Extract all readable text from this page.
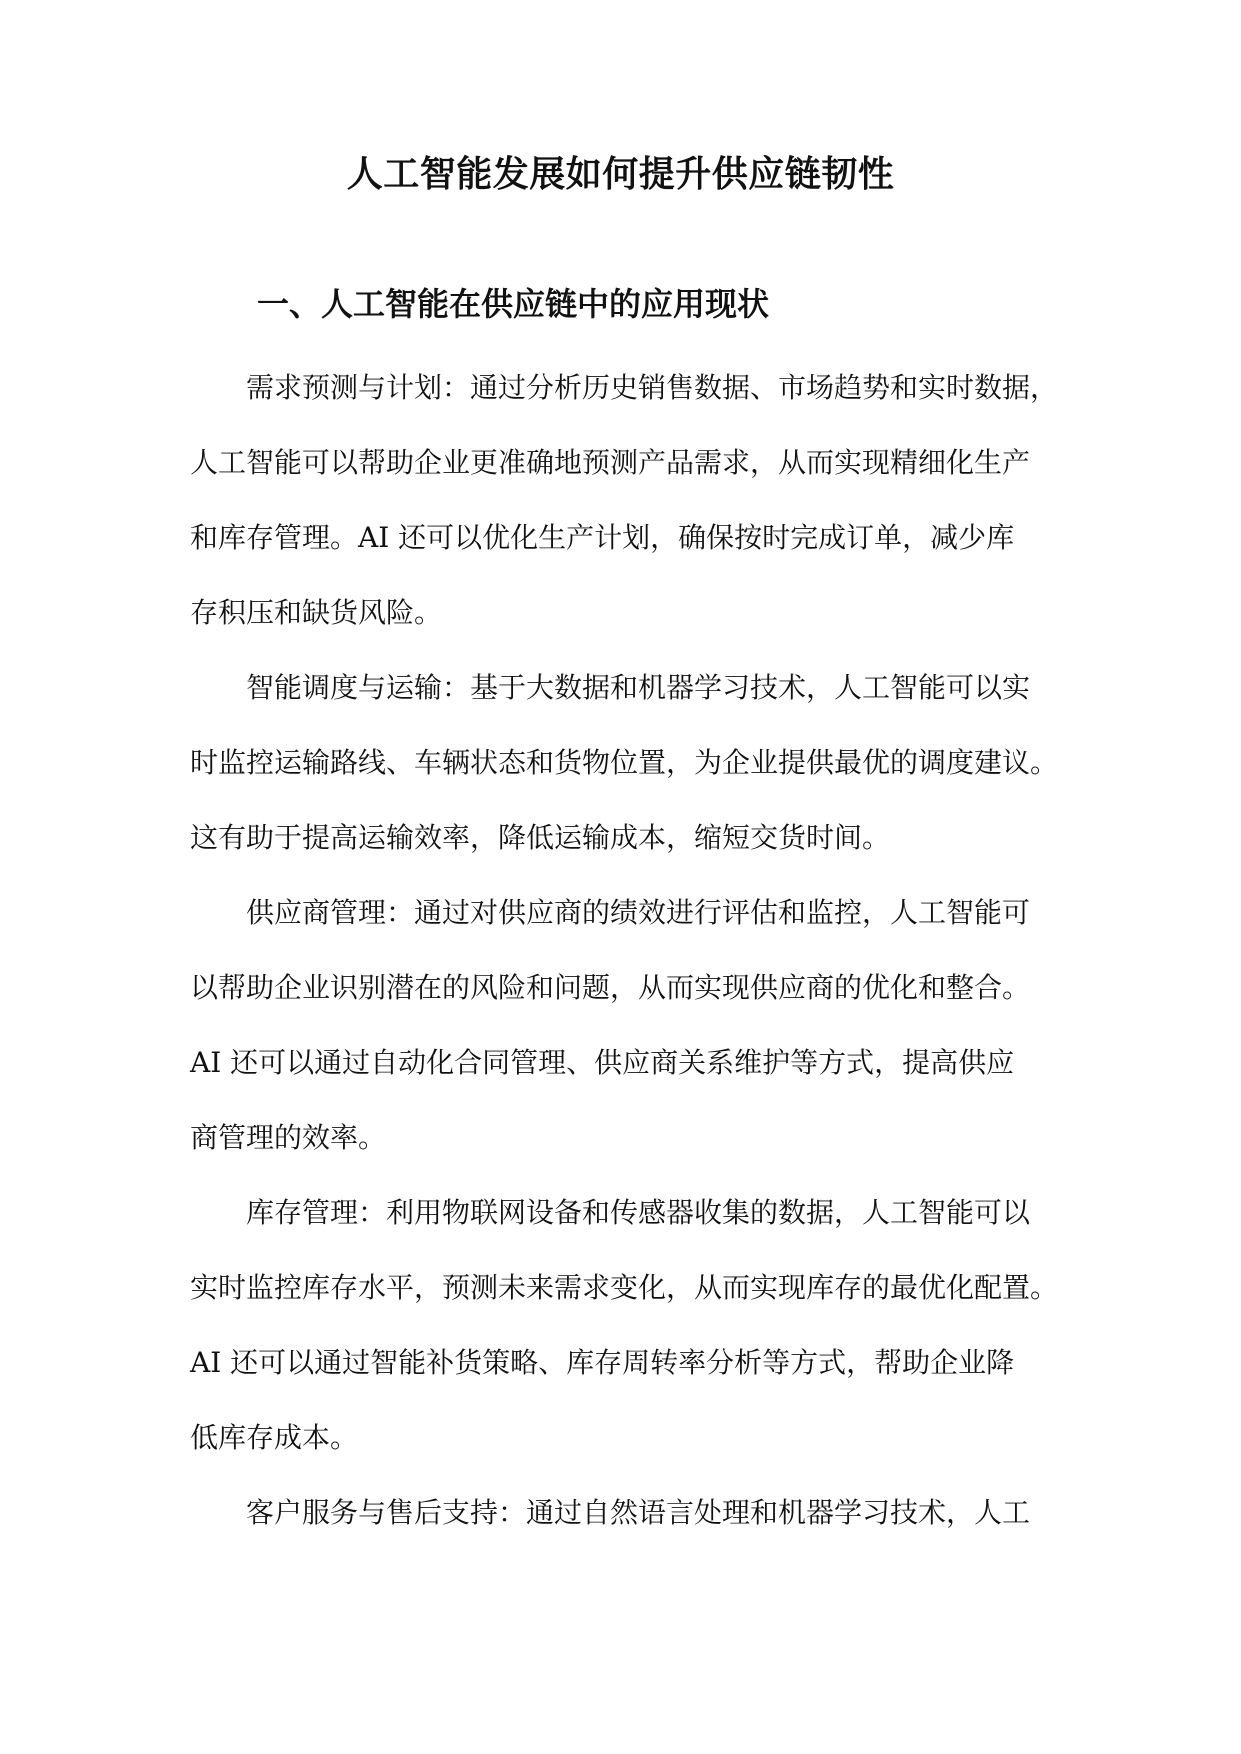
人工智能发展如何提升供应链韧性
一、人工智能在供应链中的应用现状
需求预测与计划：通过分析历史销售数据、市场趋势和实时数据，
人工智能可以帮助企业更准确地预测产品需求，从而实现精细化生产
和库存管理。AI 还可以优化生产计划，确保按时完成订单，减少库
存积压和缺货风险。
智能调度与运输：基于大数据和机器学习技术，人工智能可以实
时监控运输路线、车辆状态和货物位置，为企业提供最优的调度建议。
这有助于提高运输效率，降低运输成本，缩短交货时间。
供应商管理：通过对供应商的绩效进行评估和监控，人工智能可
以帮助企业识别潜在的风险和问题，从而实现供应商的优化和整合。
AI 还可以通过自动化合同管理、供应商关系维护等方式，提高供应
商管理的效率。
库存管理：利用物联网设备和传感器收集的数据，人工智能可以
实时监控库存水平，预测未来需求变化，从而实现库存的最优化配置。
AI 还可以通过智能补货策略、库存周转率分析等方式，帮助企业降
低库存成本。
客户服务与售后支持：通过自然语言处理和机器学习技术，人工
